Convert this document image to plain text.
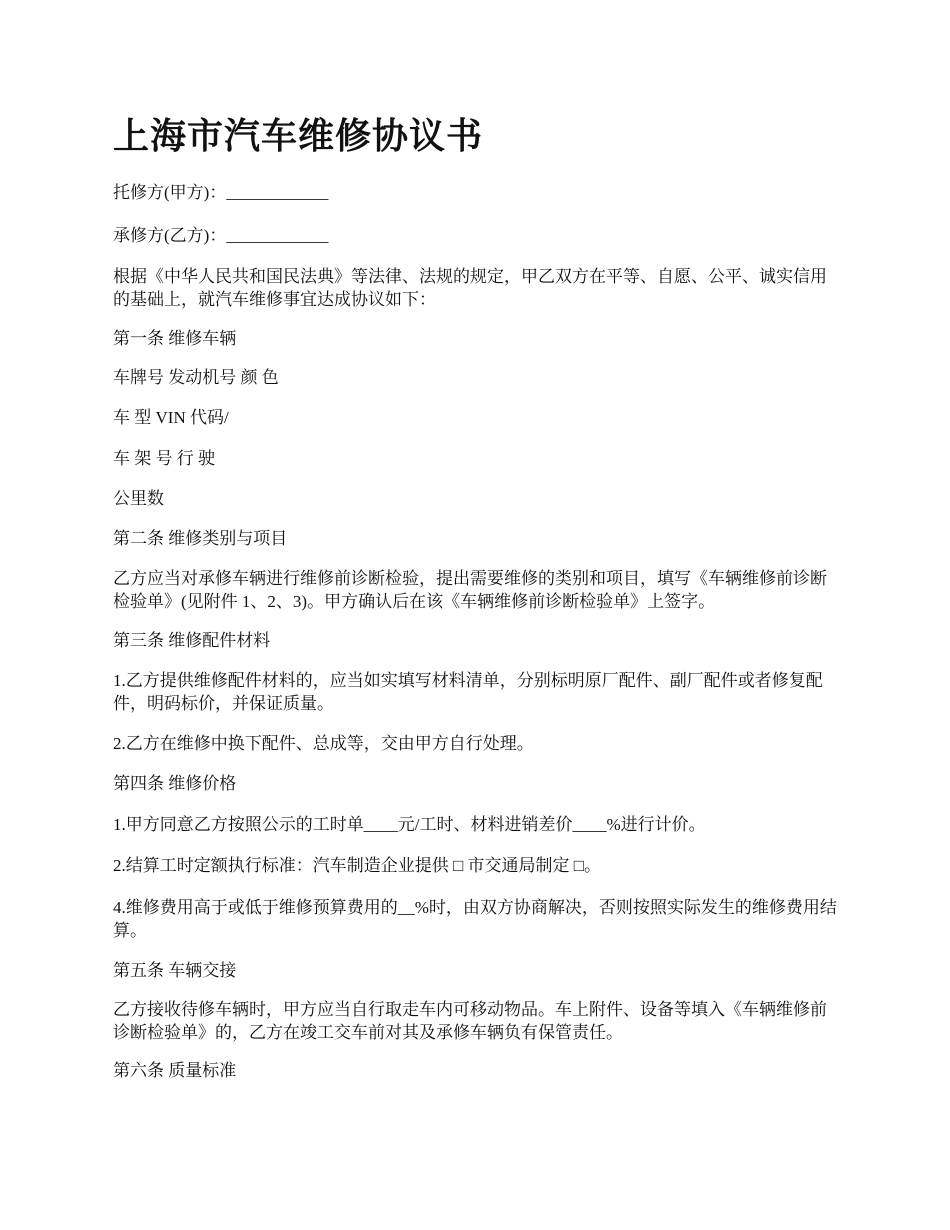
上海市汽车维修协议书

托修方(甲方)：____________

承修方(乙方)：____________

根据《中华人民共和国民法典》等法律、法规的规定，甲乙双方在平等、自愿、公平、诚实信用的基础上，就汽车维修事宜达成协议如下：

第一条 维修车辆

车牌号 发动机号 颜 色

车 型 VIN 代码/

车 架 号 行 驶

公里数

第二条 维修类别与项目

乙方应当对承修车辆进行维修前诊断检验，提出需要维修的类别和项目，填写《车辆维修前诊断检验单》(见附件 1、2、3)。甲方确认后在该《车辆维修前诊断检验单》上签字。

第三条 维修配件材料

1.乙方提供维修配件材料的，应当如实填写材料清单，分别标明原厂配件、副厂配件或者修复配件，明码标价，并保证质量。

2.乙方在维修中换下配件、总成等，交由甲方自行处理。

第四条 维修价格

1.甲方同意乙方按照公示的工时单____元/工时、材料进销差价____%进行计价。

2.结算工时定额执行标准：汽车制造企业提供 □ 市交通局制定 □。

4.维修费用高于或低于维修预算费用的__%时，由双方协商解决，否则按照实际发生的维修费用结算。

第五条 车辆交接

乙方接收待修车辆时，甲方应当自行取走车内可移动物品。车上附件、设备等填入《车辆维修前诊断检验单》的，乙方在竣工交车前对其及承修车辆负有保管责任。

第六条 质量标准
